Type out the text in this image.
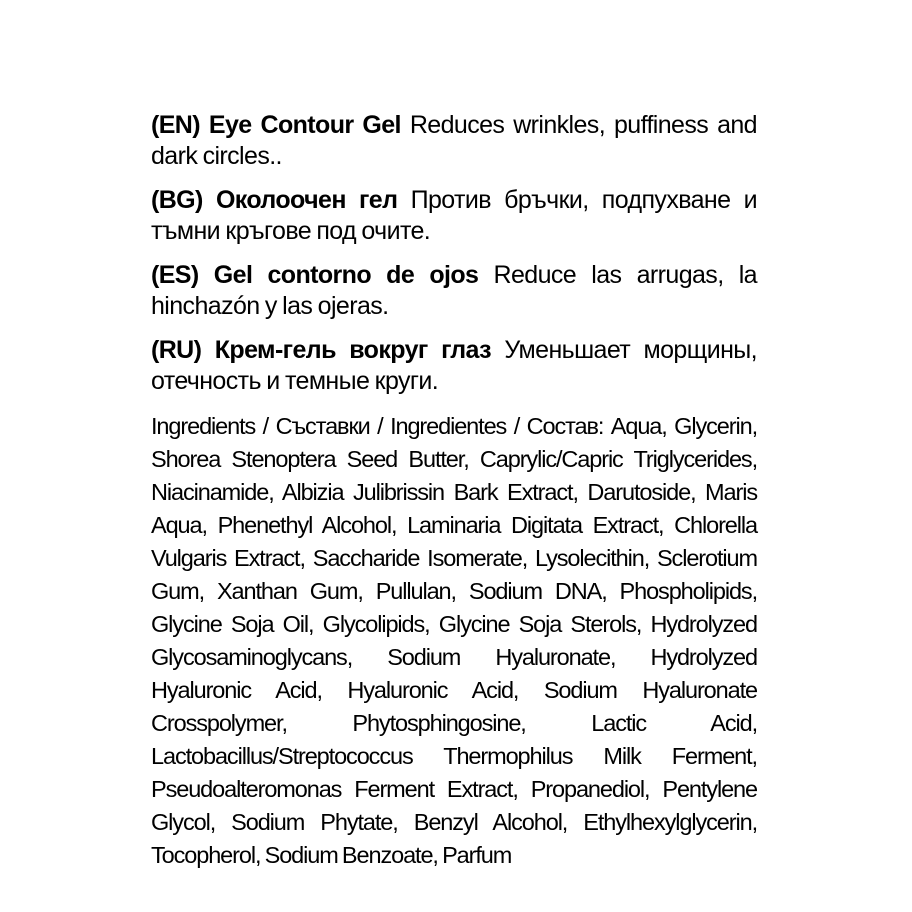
(EN) Eye Contour Gel Reduces wrinkles, puffiness and dark circles..

(BG) Околоочен гел Против бръчки, подпухване и тъмни кръгове под очите.

(ES) Gel contorno de ojos Reduce las arrugas, la hinchazón y las ojeras.

(RU) Крем-гель вокруг глаз Уменьшает морщины, отечность и темные круги.

Ingredients / Съставки / Ingredientes / Состав: Aqua, Glycerin, Shorea Stenoptera Seed Butter, Caprylic/Capric Triglycerides, Niacinamide, Albizia Julibrissin Bark Extract, Darutoside, Maris Aqua, Phenethyl Alcohol, Laminaria Digitata Extract, Chlorella Vulgaris Extract, Saccharide Isomerate, Lysolecithin, Sclerotium Gum, Xanthan Gum, Pullulan, Sodium DNA, Phospholipids, Glycine Soja Oil, Glycolipids, Glycine Soja Sterols, Hydrolyzed Glycosaminoglycans, Sodium Hyaluronate, Hydrolyzed Hyaluronic Acid, Hyaluronic Acid, Sodium Hyaluronate Crosspolymer, Phytosphingosine, Lactic Acid, Lactobacillus/Streptococcus Thermophilus Milk Ferment, Pseudoalteromonas Ferment Extract, Propanediol, Pentylene Glycol, Sodium Phytate, Benzyl Alcohol, Ethylhexylglycerin, Tocopherol, Sodium Benzoate, Parfum
